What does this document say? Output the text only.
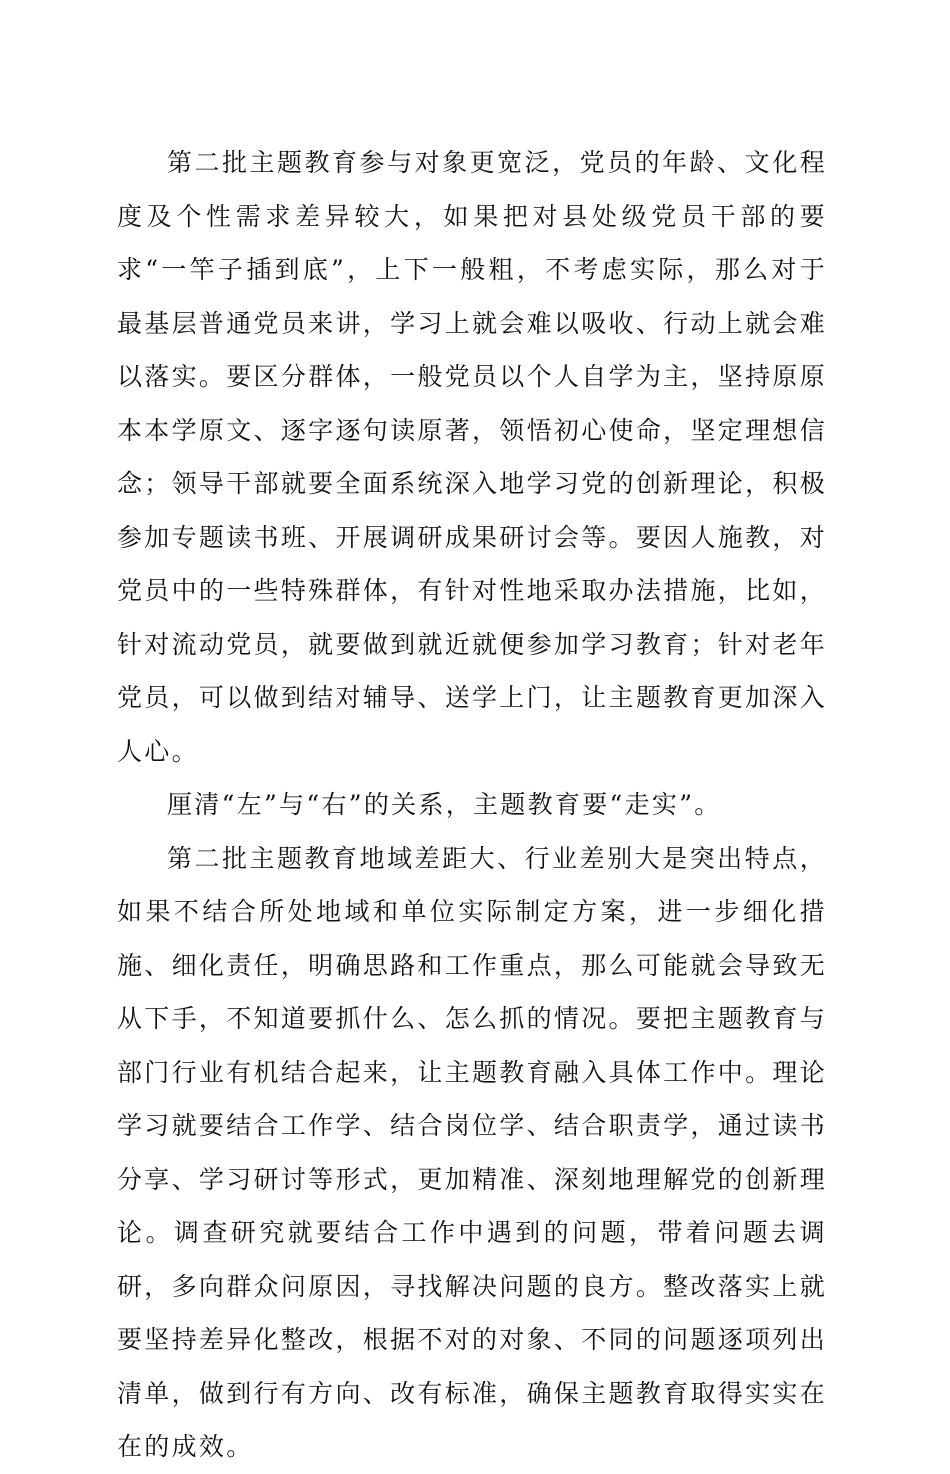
第二批主题教育参与对象更宽泛，党员的年龄、文化程度及个性需求差异较大，如果把对县处级党员干部的要求“一竿子插到底”，上下一般粗，不考虑实际，那么对于最基层普通党员来讲，学习上就会难以吸收、行动上就会难以落实。要区分群体，一般党员以个人自学为主，坚持原原本本学原文、逐字逐句读原著，领悟初心使命，坚定理想信念；领导干部就要全面系统深入地学习党的创新理论，积极参加专题读书班、开展调研成果研讨会等。要因人施教，对党员中的一些特殊群体，有针对性地采取办法措施，比如，针对流动党员，就要做到就近就便参加学习教育；针对老年党员，可以做到结对辅导、送学上门，让主题教育更加深入人心。

厘清“左”与“右”的关系，主题教育要“走实”。

第二批主题教育地域差距大、行业差别大是突出特点，如果不结合所处地域和单位实际制定方案，进一步细化措施、细化责任，明确思路和工作重点，那么可能就会导致无从下手，不知道要抓什么、怎么抓的情况。要把主题教育与部门行业有机结合起来，让主题教育融入具体工作中。理论学习就要结合工作学、结合岗位学、结合职责学，通过读书分享、学习研讨等形式，更加精准、深刻地理解党的创新理论。调查研究就要结合工作中遇到的问题，带着问题去调研，多向群众问原因，寻找解决问题的良方。整改落实上就要坚持差异化整改，根据不对的对象、不同的问题逐项列出清单，做到行有方向、改有标准，确保主题教育取得实实在在的成效。
